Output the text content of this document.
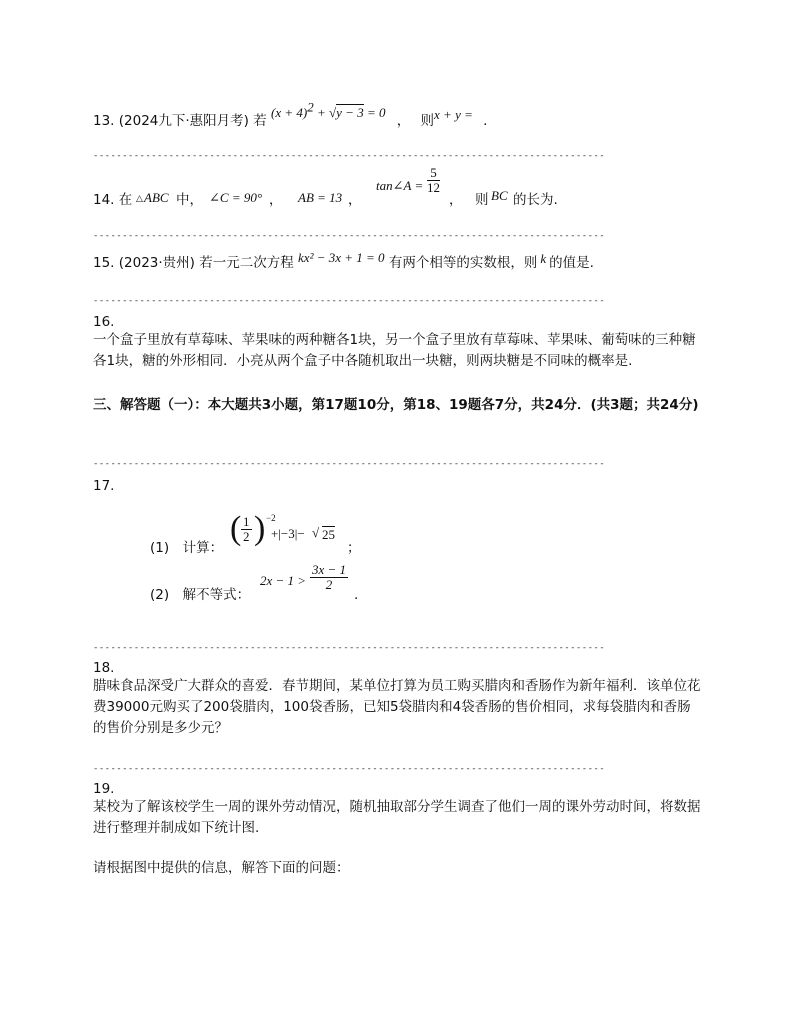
13. (2024九下·惠阳月考) 若 $(x + 4)^2 + √y - 3 = 0$ ， 则x + y = .
----------------------------------------------------------------------------------------
14. 在 △ ABC 中， ∠C = 90° ， AB = 13 ，
tan∠A = $\frac{5}{12}$
， 则 BC 的长为.
----------------------------------------------------------------------------------------
15. (2023·贵州) 若一元二次方程 kx² − 3x + 1 = 0 有两个相等的实数根，则 k 的值是.
----------------------------------------------------------------------------------------
16.
一个盒子里放有草莓味、苹果味的两种糖各1块，另一个盒子里放有草莓味、苹果味、葡萄味的三种糖各1块，糖的外形相同．小亮从两个盒子中各随机取出一块糖，则两块糖是不同味的概率是.
三、解答题（一）：本大题共3小题，第17题10分，第18、19题各7分，共24分．(共3题；共24分)
----------------------------------------------------------------------------------------
17.
(1)　计算：
( $\frac{1}{2}$ ) −2
+|−3|− √ 25
；
(2)　解不等式：
$2x - 1 > \frac{3x - 1}{2}$
.
----------------------------------------------------------------------------------------
18.
腊味食品深受广大群众的喜爱．春节期间，某单位打算为员工购买腊肉和香肠作为新年福利．该单位花费39000元购买了200袋腊肉，100袋香肠，已知5袋腊肉和4袋香肠的售价相同，求每袋腊肉和香肠的售价分别是多少元？
----------------------------------------------------------------------------------------
19.
某校为了解该校学生一周的课外劳动情况，随机抽取部分学生调查了他们一周的课外劳动时间，将数据进行整理并制成如下统计图.
请根据图中提供的信息，解答下面的问题：
